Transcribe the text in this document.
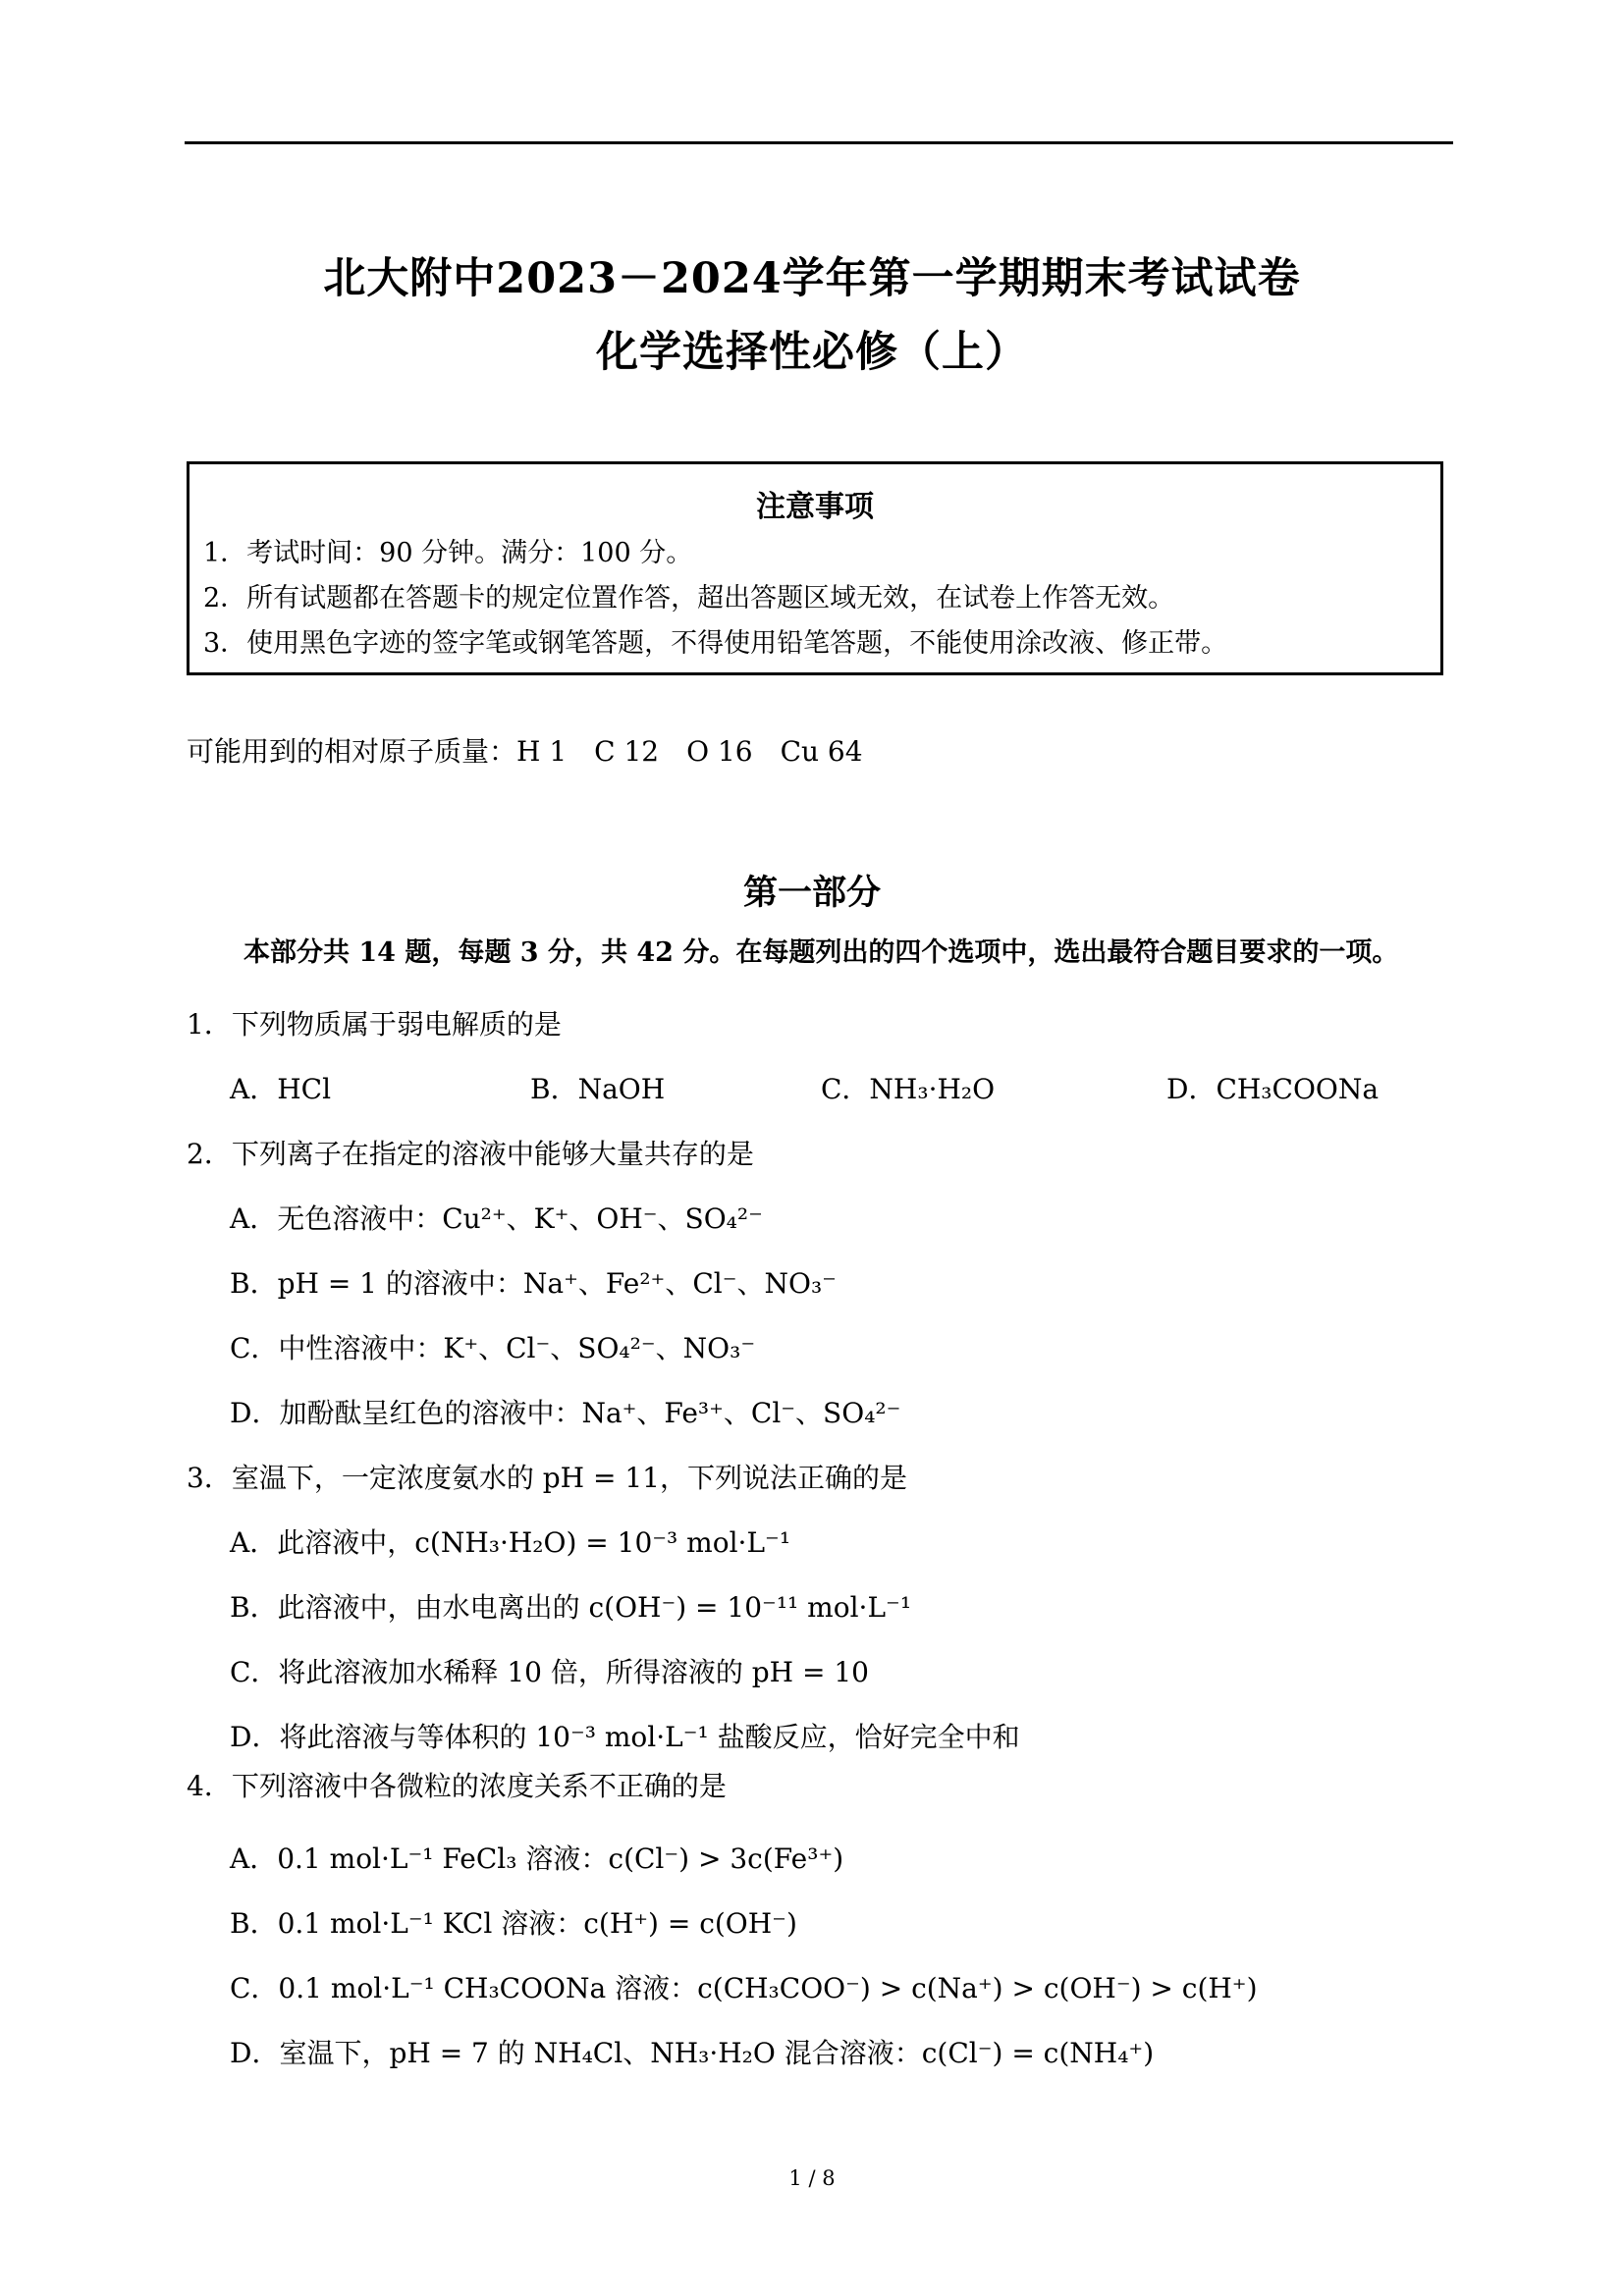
北大附中2023－2024学年第一学期期末考试试卷
化学选择性必修（上）
注意事项
1．考试时间：90 分钟。满分：100 分。
2．所有试题都在答题卡的规定位置作答，超出答题区域无效，在试卷上作答无效。
3．使用黑色字迹的签字笔或钢笔答题，不得使用铅笔答题，不能使用涂改液、修正带。
可能用到的相对原子质量：H 1　C 12　O 16　Cu 64
第一部分
本部分共 14 题，每题 3 分，共 42 分。在每题列出的四个选项中，选出最符合题目要求的一项。
1．下列物质属于弱电解质的是
A．HCl	B．NaOH	C．NH₃·H₂O	D．CH₃COONa
2．下列离子在指定的溶液中能够大量共存的是
A．无色溶液中：Cu²⁺、K⁺、OH⁻、SO₄²⁻
B．pH = 1 的溶液中：Na⁺、Fe²⁺、Cl⁻、NO₃⁻
C．中性溶液中：K⁺、Cl⁻、SO₄²⁻、NO₃⁻
D．加酚酞呈红色的溶液中：Na⁺、Fe³⁺、Cl⁻、SO₄²⁻
3．室温下，一定浓度氨水的 pH = 11，下列说法正确的是
A．此溶液中，c(NH₃·H₂O) = 10⁻³ mol·L⁻¹
B．此溶液中，由水电离出的 c(OH⁻) = 10⁻¹¹ mol·L⁻¹
C．将此溶液加水稀释 10 倍，所得溶液的 pH = 10
D．将此溶液与等体积的 10⁻³ mol·L⁻¹ 盐酸反应，恰好完全中和
4．下列溶液中各微粒的浓度关系不正确的是
A．0.1 mol·L⁻¹ FeCl₃ 溶液：c(Cl⁻) > 3c(Fe³⁺)
B．0.1 mol·L⁻¹ KCl 溶液：c(H⁺) = c(OH⁻)
C．0.1 mol·L⁻¹ CH₃COONa 溶液：c(CH₃COO⁻) > c(Na⁺) > c(OH⁻) > c(H⁺)
D．室温下，pH = 7 的 NH₄Cl、NH₃·H₂O 混合溶液：c(Cl⁻) = c(NH₄⁺)
1 / 8
